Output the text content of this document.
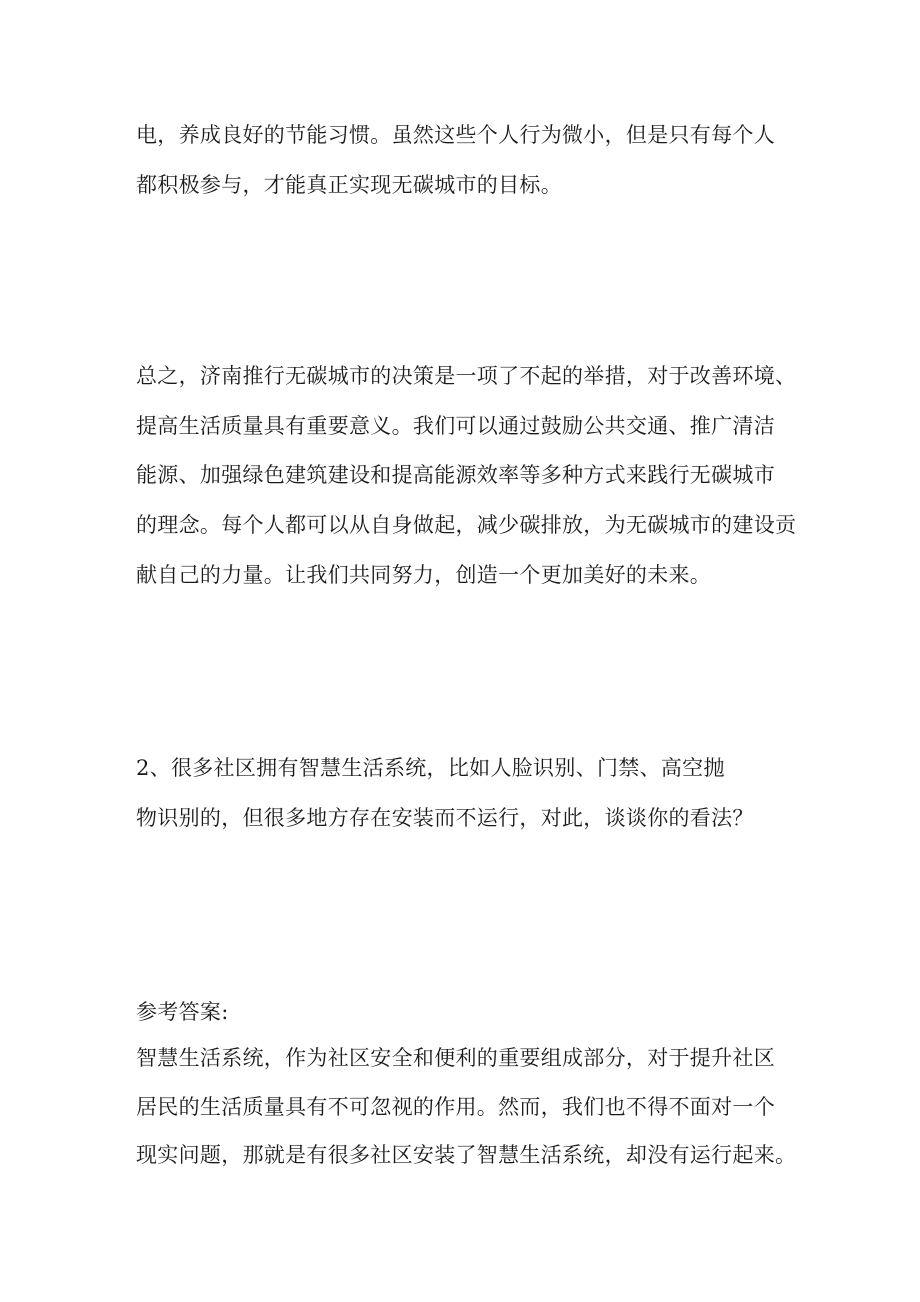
电，养成良好的节能习惯。虽然这些个人行为微小，但是只有每个人
都积极参与，才能真正实现无碳城市的目标。
总之，济南推行无碳城市的决策是一项了不起的举措，对于改善环境、
提高生活质量具有重要意义。我们可以通过鼓励公共交通、推广清洁
能源、加强绿色建筑建设和提高能源效率等多种方式来践行无碳城市
的理念。每个人都可以从自身做起，减少碳排放，为无碳城市的建设贡
献自己的力量。让我们共同努力，创造一个更加美好的未来。
2、很多社区拥有智慧生活系统，比如人脸识别、门禁、高空抛
物识别的，但很多地方存在安装而不运行，对此，谈谈你的看法？
参考答案:
智慧生活系统，作为社区安全和便利的重要组成部分，对于提升社区
居民的生活质量具有不可忽视的作用。然而，我们也不得不面对一个
现实问题，那就是有很多社区安装了智慧生活系统，却没有运行起来。
